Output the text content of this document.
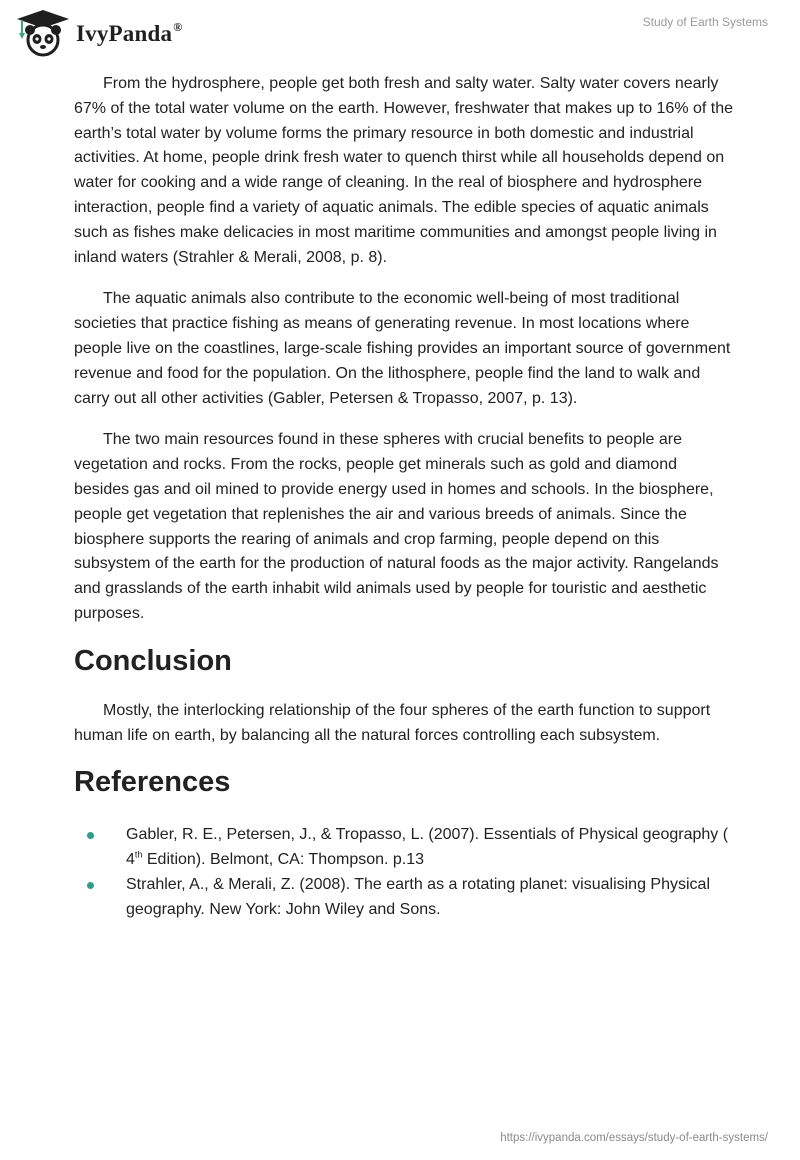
IvyPanda®	Study of Earth Systems

From the hydrosphere, people get both fresh and salty water. Salty water covers nearly 67% of the total water volume on the earth. However, freshwater that makes up to 16% of the earth’s total water by volume forms the primary resource in both domestic and industrial activities. At home, people drink fresh water to quench thirst while all households depend on water for cooking and a wide range of cleaning. In the real of biosphere and hydrosphere interaction, people find a variety of aquatic animals. The edible species of aquatic animals such as fishes make delicacies in most maritime communities and amongst people living in inland waters (Strahler & Merali, 2008, p. 8).

The aquatic animals also contribute to the economic well-being of most traditional societies that practice fishing as means of generating revenue. In most locations where people live on the coastlines, large-scale fishing provides an important source of government revenue and food for the population. On the lithosphere, people find the land to walk and carry out all other activities (Gabler, Petersen & Tropasso, 2007, p. 13).

The two main resources found in these spheres with crucial benefits to people are vegetation and rocks. From the rocks, people get minerals such as gold and diamond besides gas and oil mined to provide energy used in homes and schools. In the biosphere, people get vegetation that replenishes the air and various breeds of animals. Since the biosphere supports the rearing of animals and crop farming, people depend on this subsystem of the earth for the production of natural foods as the major activity. Rangelands and grasslands of the earth inhabit wild animals used by people for touristic and aesthetic purposes.

Conclusion

Mostly, the interlocking relationship of the four spheres of the earth function to support human life on earth, by balancing all the natural forces controlling each subsystem.

References
Gabler, R. E., Petersen, J., & Tropasso, L. (2007). Essentials of Physical geography ( 4th Edition). Belmont, CA: Thompson. p.13
Strahler, A., & Merali, Z. (2008). The earth as a rotating planet: visualising Physical geography. New York: John Wiley and Sons.
https://ivypanda.com/essays/study-of-earth-systems/
